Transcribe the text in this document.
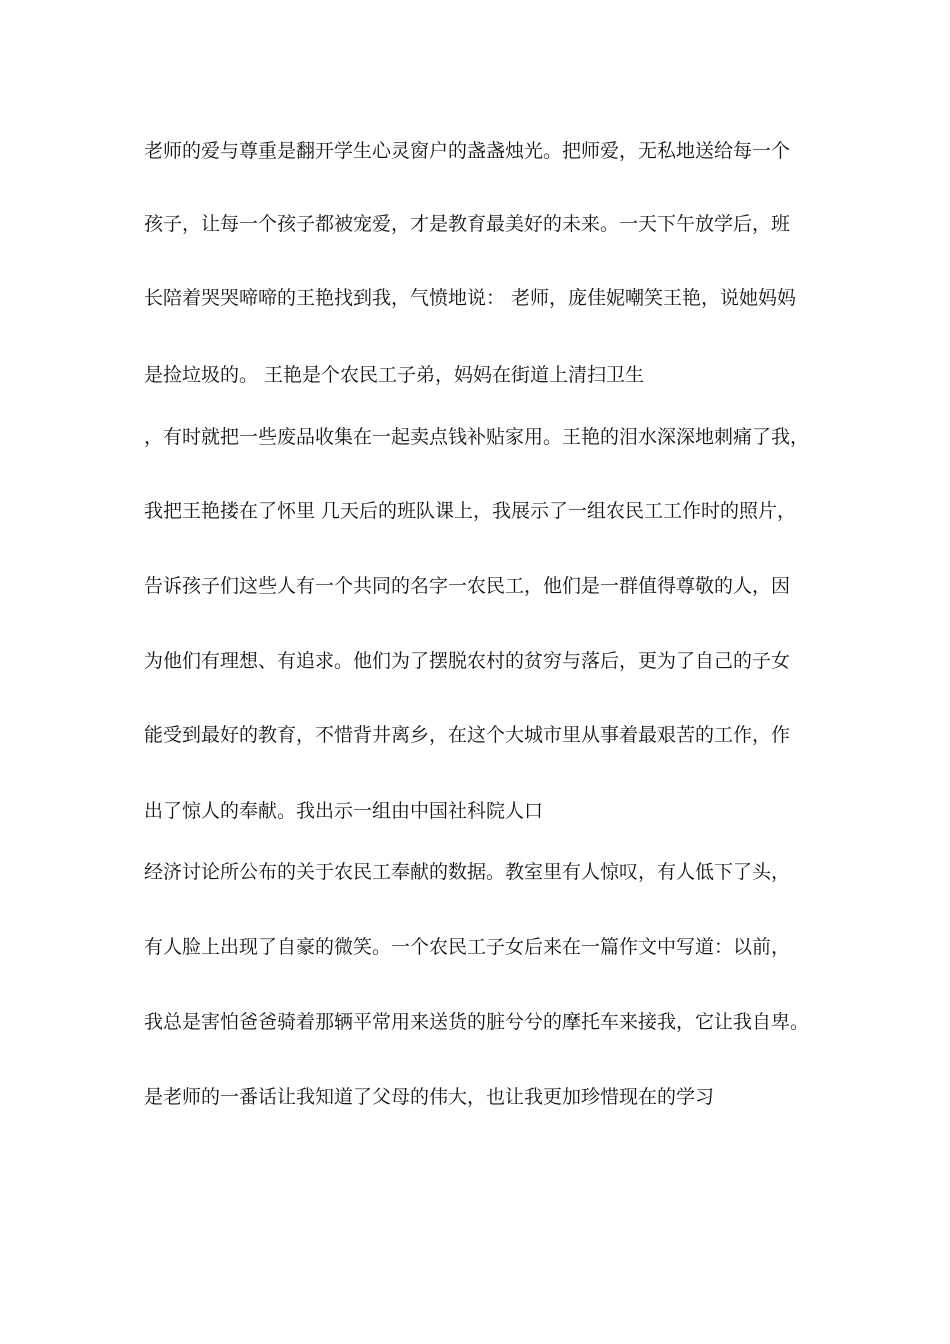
老师的爱与尊重是翻开学生心灵窗户的盏盏烛光。把师爱，无私地送给每一个
孩子，让每一个孩子都被宠爱，才是教育最美好的未来。一天下午放学后，班
长陪着哭哭啼啼的王艳找到我，气愤地说： 老师，庞佳妮嘲笑王艳，说她妈妈
是捡垃圾的。 王艳是个农民工子弟，妈妈在街道上清扫卫生
，有时就把一些废品收集在一起卖点钱补贴家用。王艳的泪水深深地刺痛了我，
我把王艳搂在了怀里 几天后的班队课上，我展示了一组农民工工作时的照片，
告诉孩子们这些人有一个共同的名字一农民工，他们是一群值得尊敬的人，因
为他们有理想、有追求。他们为了摆脱农村的贫穷与落后，更为了自己的子女
能受到最好的教育，不惜背井离乡，在这个大城市里从事着最艰苦的工作，作
出了惊人的奉献。我出示一组由中国社科院人口
经济讨论所公布的关于农民工奉献的数据。教室里有人惊叹，有人低下了头，
有人脸上出现了自豪的微笑。一个农民工子女后来在一篇作文中写道：以前，
我总是害怕爸爸骑着那辆平常用来送货的脏兮兮的摩托车来接我，它让我自卑。
是老师的一番话让我知道了父母的伟大，也让我更加珍惜现在的学习
